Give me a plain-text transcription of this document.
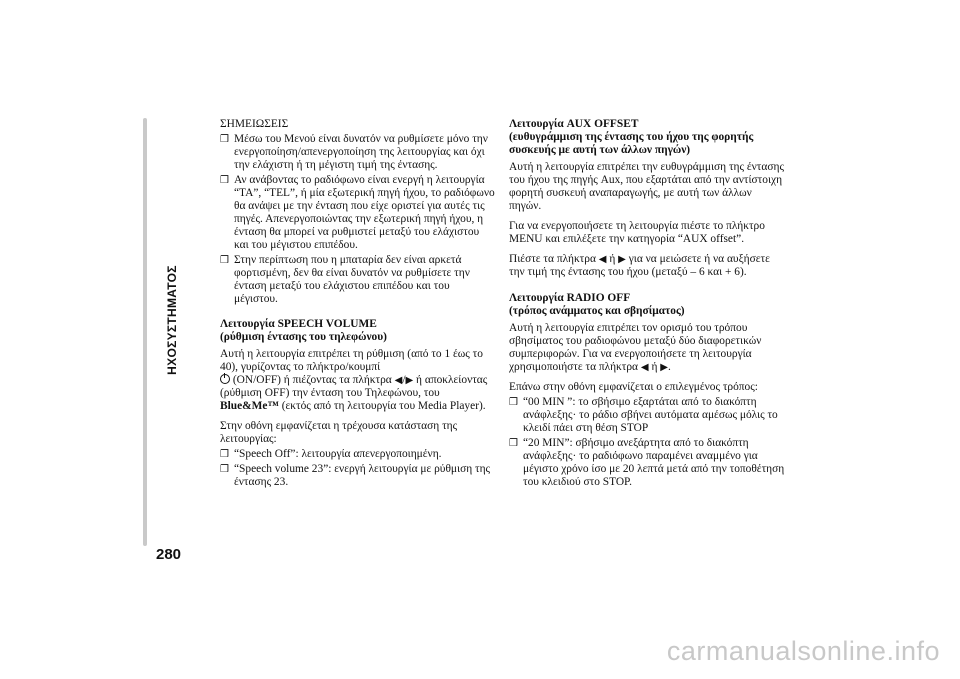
ΗΧΟΣΥΣΤΗΜΑΤΟΣ
280

ΣΗΜΕΙΩΣΕΙΣ

❒ Μέσω του Μενού είναι δυνατόν να ρυθμίσετε μόνο την ενεργοποίηση/απενεργοποίηση της λειτουργίας και όχι την ελάχιστη ή τη μέγιστη τιμή της έντασης.
❒ Αν ανάβοντας το ραδιόφωνο είναι ενεργή η λειτουργία “TA”, “TEL”, ή μία εξωτερική πηγή ήχου, το ραδιόφωνο θα ανάψει με την ένταση που είχε οριστεί για αυτές τις πηγές. Απενεργοποιώντας την εξωτερική πηγή ήχου, η ένταση θα μπορεί να ρυθμιστεί μεταξύ του ελάχιστου και του μέγιστου επιπέδου.
❒ Στην περίπτωση που η μπαταρία δεν είναι αρκετά φορτισμένη, δεν θα είναι δυνατόν να ρυθμίσετε την ένταση μεταξύ του ελάχιστου επιπέδου και του μέγιστου.
Λειτουργία SPEECH VOLUME
(ρύθμιση έντασης του τηλεφώνου)

Αυτή η λειτουργία επιτρέπει τη ρύθμιση (από το 1 έως το 40), γυρίζοντας το πλήκτρο/κουμπί
(ON/OFF) ή πιέζοντας τα πλήκτρα ◀/▶ ή αποκλείοντας (ρύθμιση OFF) την ένταση του Τηλεφώνου, του Blue&Me™ (εκτός από τη λειτουργία του Media Player).

Στην οθόνη εμφανίζεται η τρέχουσα κατάσταση της λειτουργίας:

❒ “Speech Off”: λειτουργία απενεργοποιημένη.
❒ “Speech volume 23”: ενεργή λειτουργία με ρύθμιση της έντασης 23.
Λειτουργία AUX OFFSET
(ευθυγράμμιση της έντασης του ήχου της φορητής συσκευής με αυτή των άλλων πηγών)

Αυτή η λειτουργία επιτρέπει την ευθυγράμμιση της έντασης του ήχου της πηγής Aux, που εξαρτάται από την αντίστοιχη φορητή συσκευή αναπαραγωγής, με αυτή των άλλων πηγών.

Για να ενεργοποιήσετε τη λειτουργία πιέστε το πλήκτρο MENU και επιλέξετε την κατηγορία “AUX offset”.

Πιέστε τα πλήκτρα ◀ ή ▶ για να μειώσετε ή να αυξήσετε την τιμή της έντασης του ήχου (μεταξύ – 6 και + 6).

Λειτουργία RADIO OFF
(τρόπος ανάμματος και σβησίματος)

Αυτή η λειτουργία επιτρέπει τον ορισμό του τρόπου σβησίματος του ραδιοφώνου μεταξύ δύο διαφορετικών συμπεριφορών. Για να ενεργοποιήσετε τη λειτουργία χρησιμοποιήστε τα πλήκτρα ◀ ή ▶.

Επάνω στην οθόνη εμφανίζεται ο επιλεγμένος τρόπος:

❒ “00 MIN ”: το σβήσιμο εξαρτάται από το διακόπτη ανάφλεξης· το ράδιο σβήνει αυτόματα αμέσως μόλις το κλειδί πάει στη θέση STOP
❒ “20 MIN”: σβήσιμο ανεξάρτητα από το διακόπτη ανάφλεξης· το ραδιόφωνο παραμένει αναμμένο για μέγιστο χρόνο ίσο με 20 λεπτά μετά από την τοποθέτηση του κλειδιού στο STOP.
carmanualsonline.info
